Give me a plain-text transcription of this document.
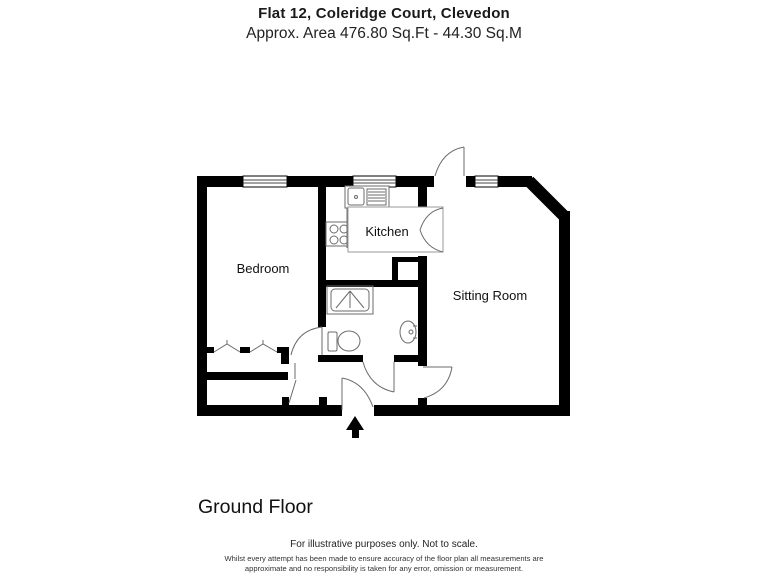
Flat 12, Coleridge Court, Clevedon
Approx. Area 476.80 Sq.Ft - 44.30 Sq.M
Bedroom
Kitchen
Sitting Room
Ground Floor
For illustrative purposes only. Not to scale.
Whilst every attempt has been made to ensure accuracy of the floor plan all measurements are
approximate and no responsibility is taken for any error, omission or measurement.
